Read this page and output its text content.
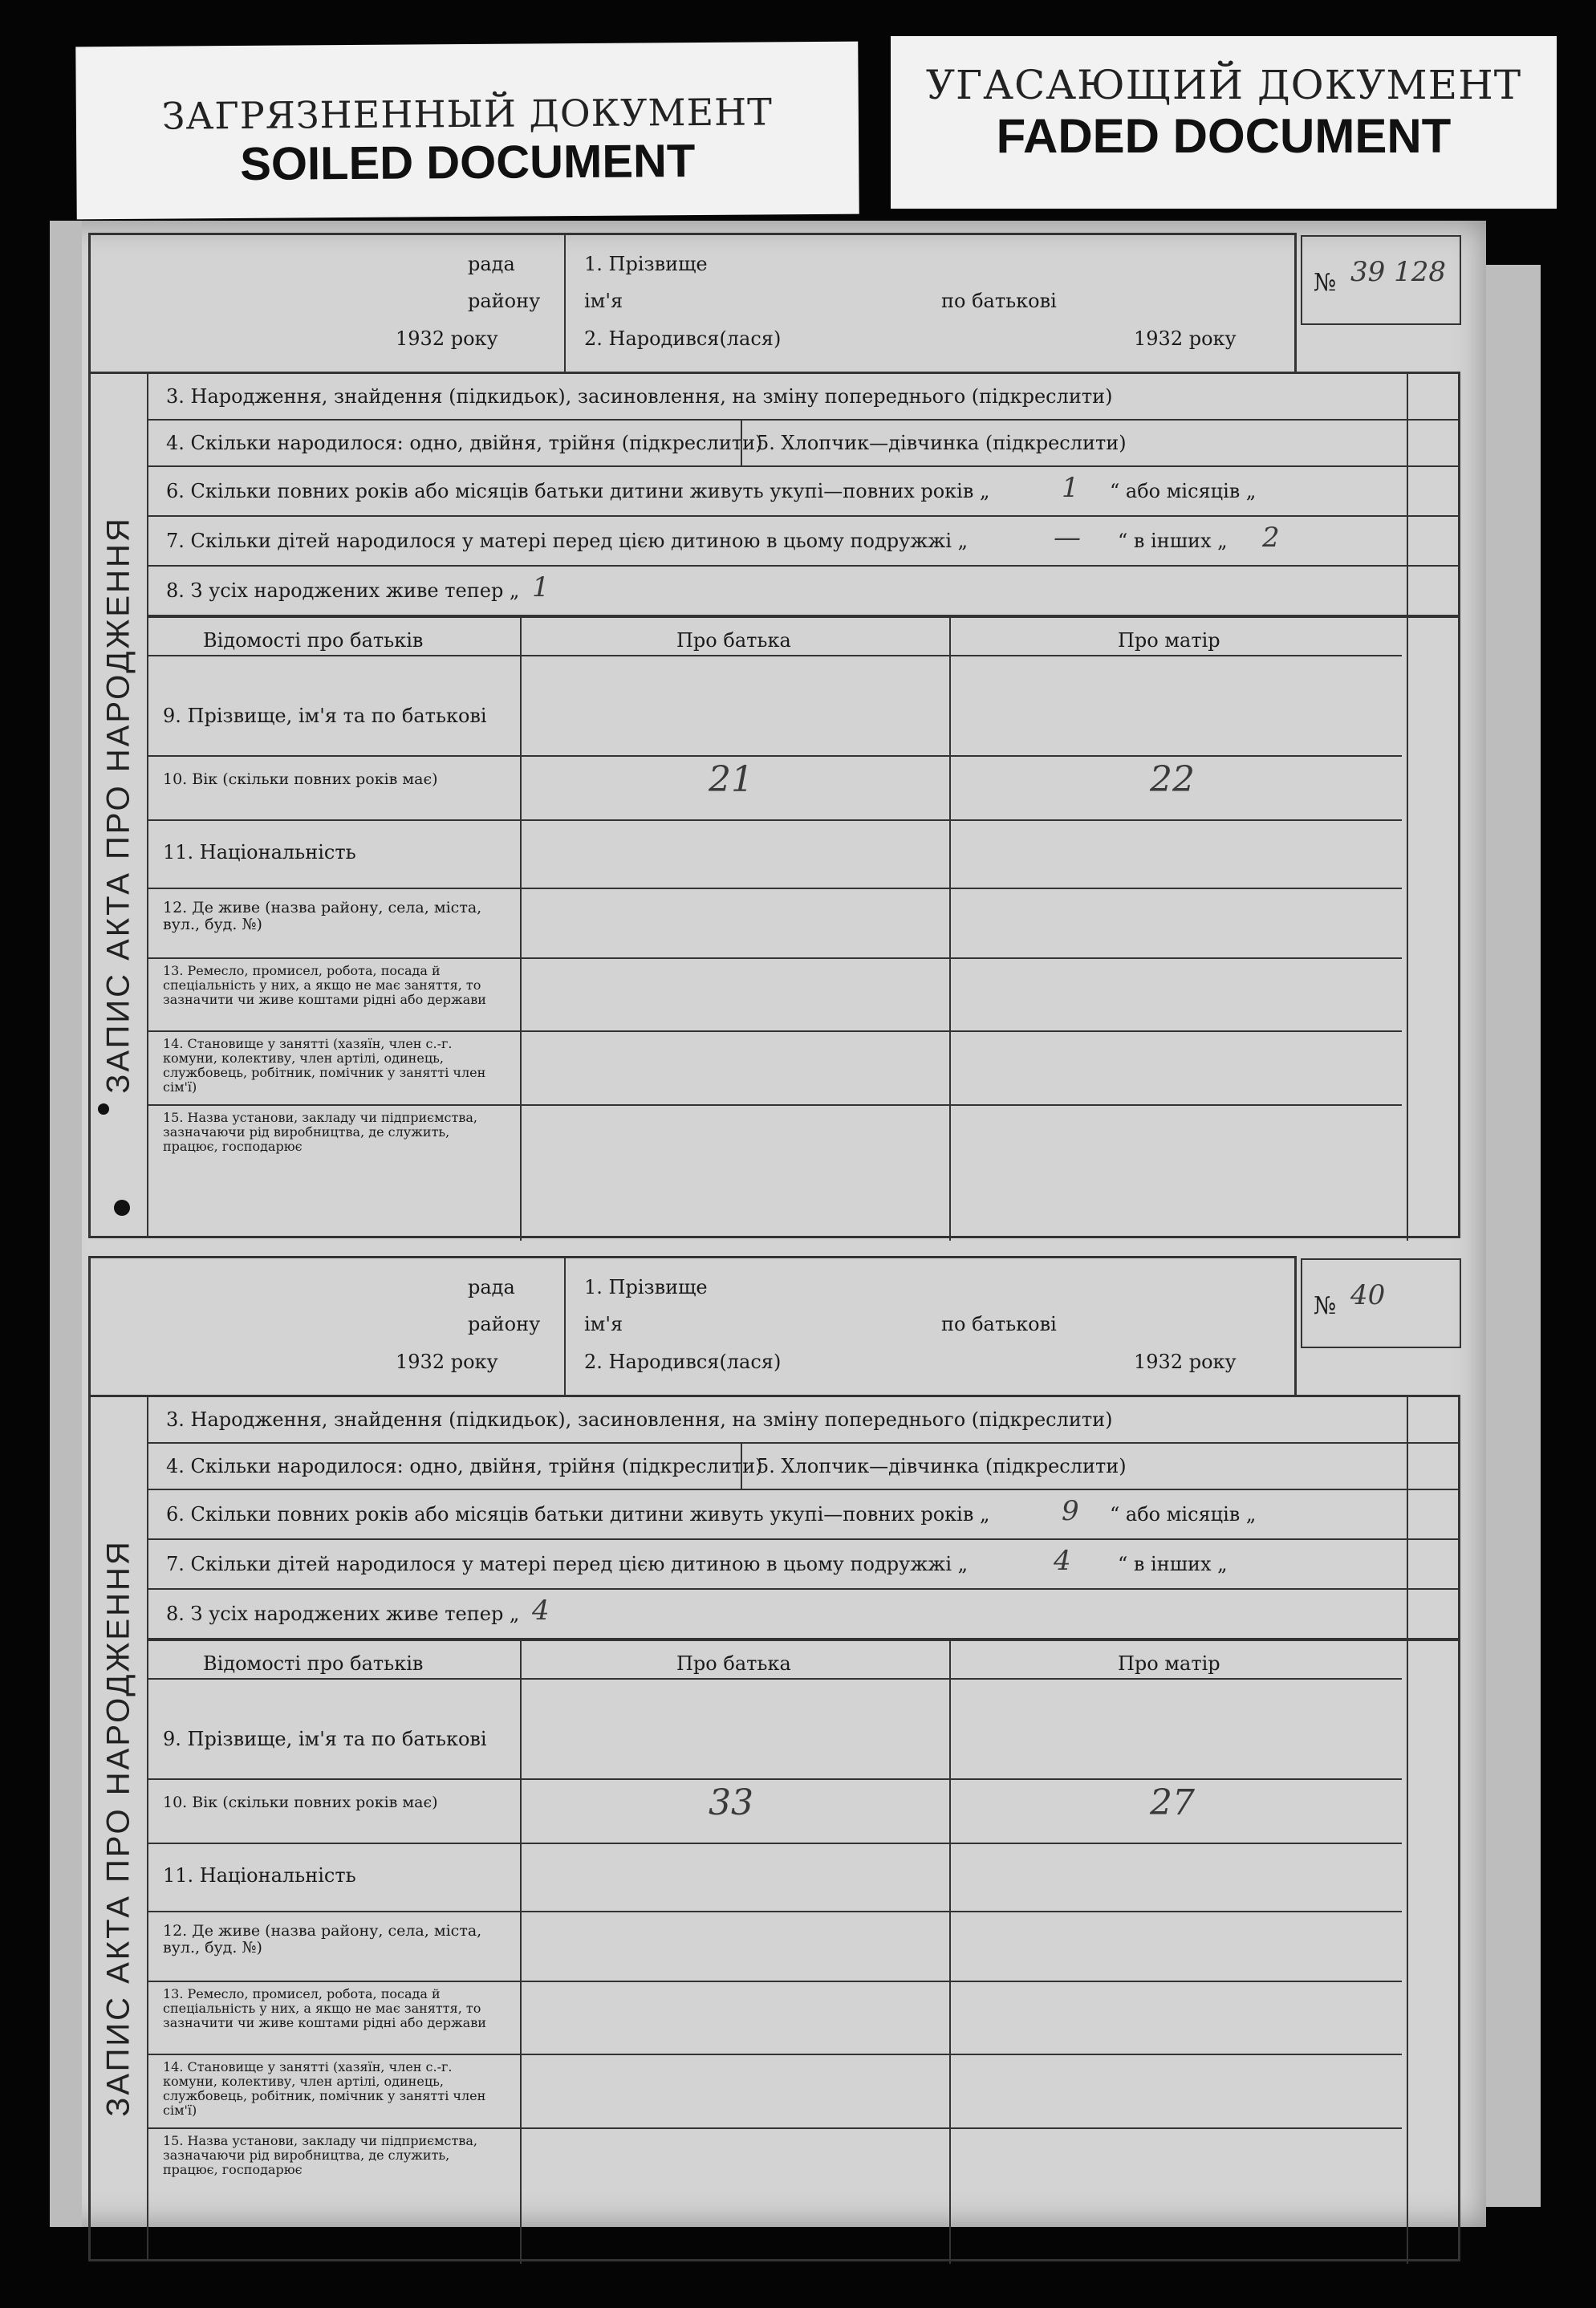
ЗАГРЯЗНЕННЫЙ ДОКУМЕНТ
SOILED DOCUMENT
УГАСАЮЩИЙ ДОКУМЕНТ
FADED DOCUMENT
рада
району
1932 року
1. Прізвище
ім'я	по батькові
2. Народився(лася)	1932 року
№ 39 128
ЗАПИС АКТА ПРО НАРОДЖЕННЯ
3. Народження, знайдення (підкидьок), засиновлення, на зміну попереднього (підкреслити)
4. Скільки народилося: одно, двійня, трійня (підкреслити)
5. Хлопчик—дівчинка (підкреслити)
6. Скільки повних років або місяців батьки дитини живуть укупі—повних років „	1 “ або місяців „
7. Скільки дітей народилося у матері перед цією дитиною в цьому подружжі „	— “ в інших „ 2
8. З усіх народжених живе тепер „ 1
Відомості про батьків	Про батька	Про матір
9. Прізвище, ім'я та по батькові
10. Вік (скільки повних років має)	21	22
11. Національність
12. Де живе (назва району, села, міста, вул., буд. №)
13. Ремесло, промисел, робота, посада й спеціальність у них, а якщо не має заняття, то зазначити чи живе коштами рідні або держави
14. Становище у занятті (хазяїн, член с.-г. комуни, колективу, член артілі, одинець, службовець, робітник, помічник у занятті член сім'ї)
15. Назва установи, закладу чи підприємства, зазначаючи рід виробництва, де служить, працює, господарює
рада
району
1932 року
1. Прізвище
ім'я	по батькові
2. Народився(лася)	1932 року
№ 40
ЗАПИС АКТА ПРО НАРОДЖЕННЯ
3. Народження, знайдення (підкидьок), засиновлення, на зміну попереднього (підкреслити)
4. Скільки народилося: одно, двійня, трійня (підкреслити)
5. Хлопчик—дівчинка (підкреслити)
6. Скільки повних років або місяців батьки дитини живуть укупі—повних років „	9 “ або місяців „
7. Скільки дітей народилося у матері перед цією дитиною в цьому подружжі „	4 “ в інших „
8. З усіх народжених живе тепер „ 4
Відомості про батьків	Про батька	Про матір
9. Прізвище, ім'я та по батькові
10. Вік (скільки повних років має)	33	27
11. Національність
12. Де живе (назва району, села, міста, вул., буд. №)
13. Ремесло, промисел, робота, посада й спеціальність у них, а якщо не має заняття, то зазначити чи живе коштами рідні або держави
14. Становище у занятті (хазяїн, член с.-г. комуни, колективу, член артілі, одинець, службовець, робітник, помічник у занятті член сім'ї)
15. Назва установи, закладу чи підприємства, зазначаючи рід виробництва, де служить, працює, господарює
